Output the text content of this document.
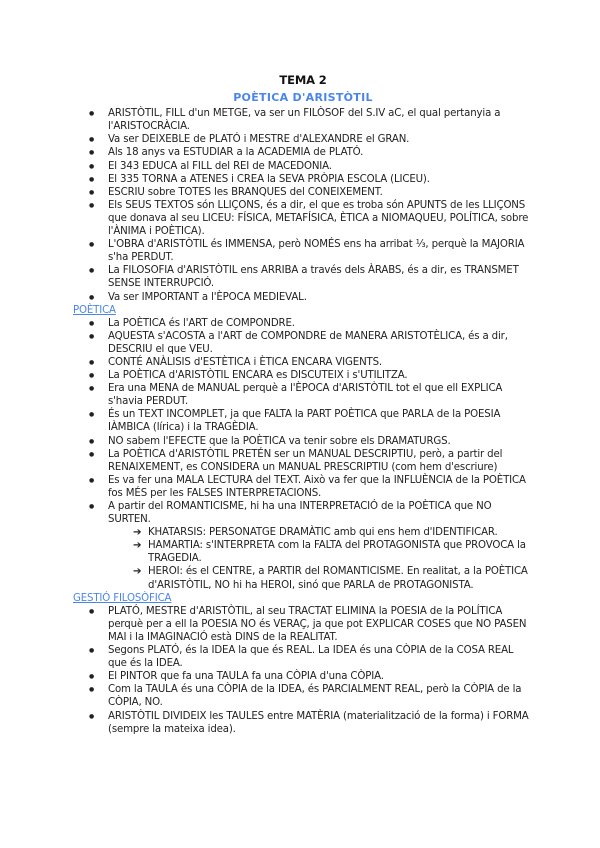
TEMA 2
POÈTICA D'ARISTÒTIL
● ARISTÒTIL, FILL d'un METGE, va ser un FILÒSOF del S.IV aC, el qual pertanyia a l'ARISTOCRÀCIA.
● Va ser DEIXEBLE de PLATÓ i MESTRE d'ALEXANDRE el GRAN.
● Als 18 anys va ESTUDIAR a la ACADEMIA de PLATÓ.
● El 343 EDUCA al FILL del REI de MACEDONIA.
● El 335 TORNA a ATENES i CREA la SEVA PRÒPIA ESCOLA (LICEU).
● ESCRIU sobre TOTES les BRANQUES del CONEIXEMENT.
● Els SEUS TEXTOS són LLIÇONS, és a dir, el que es troba són APUNTS de les LLIÇONS que donava al seu LICEU: FÍSICA, METAFÍSICA, ÈTICA a NIOMAQUEU, POLÍTICA, sobre l'ÀNIMA i POÈTICA).
● L'OBRA d'ARISTÒTIL és IMMENSA, però NOMÉS ens ha arribat ⅓, perquè la MAJORIA s'ha PERDUT.
● La FILOSOFIA d'ARISTÒTIL ens ARRIBA a través dels ÀRABS, és a dir, es TRANSMET SENSE INTERRUPCIÓ.
● Va ser IMPORTANT a l'ÈPOCA MEDIEVAL.
POÈTICA
● La POÈTICA és l'ART de COMPONDRE.
● AQUESTA s'ACOSTA a l'ART de COMPONDRE de MANERA ARISTOTÈLICA, és a dir, DESCRIU el que VEU.
● CONTÉ ANÀLISIS d'ESTÈTICA i ÈTICA ENCARA VIGENTS.
● La POÈTICA d'ARISTÒTIL ENCARA es DISCUTEIX i s'UTILITZA.
● Era una MENA de MANUAL perquè a l'ÈPOCA d'ARISTÒTIL tot el que ell EXPLICA s'havia PERDUT.
● És un TEXT INCOMPLET, ja que FALTA la PART POÈTICA que PARLA de la POESIA IÀMBICA (lírica) i la TRAGÈDIA.
● NO sabem l'EFECTE que la POÈTICA va tenir sobre els DRAMATURGS.
● La POÈTICA d'ARISTÒTIL PRETÉN ser un MANUAL DESCRIPTIU, però, a partir del RENAIXEMENT, es CONSIDERA un MANUAL PRESCRIPTIU (com hem d'escriure)
● Es va fer una MALA LECTURA del TEXT. Això va fer que la INFLUÈNCIA de la POÈTICA fos MÉS per les FALSES INTERPRETACIONS.
● A partir del ROMANTICISME, hi ha una INTERPRETACIÓ de la POÈTICA que NO SURTEN.
➔ KHATARSIS: PERSONATGE DRAMÀTIC amb qui ens hem d'IDENTIFICAR.
➔ HAMARTIA: s'INTERPRETA com la FALTA del PROTAGONISTA que PROVOCA la TRAGEDIA.
➔ HEROI: és el CENTRE, a PARTIR del ROMANTICISME. En realitat, a la POÈTICA d'ARISTÒTIL, NO hi ha HEROI, sinó que PARLA de PROTAGONISTA.
GESTIÓ FILOSÒFICA
● PLATÓ, MESTRE d'ARISTÒTIL, al seu TRACTAT ELIMINA la POESIA de la POLÍTICA perquè per a ell la POESIA NO és VERAÇ, ja que pot EXPLICAR COSES que NO PASEN MAI i la IMAGINACIÓ està DINS de la REALITAT.
● Segons PLATÓ, és la IDEA la que és REAL. La IDEA és una CÒPIA de la COSA REAL que és la IDEA.
● El PINTOR que fa una TAULA fa una CÒPIA d'una CÒPIA.
● Com la TAULA és una CÒPIA de la IDEA, és PARCIALMENT REAL, però la CÒPIA de la CÒPIA, NO.
● ARISTÒTIL DIVIDEIX les TAULES entre MATÈRIA (materialització de la forma) i FORMA (sempre la mateixa idea).
